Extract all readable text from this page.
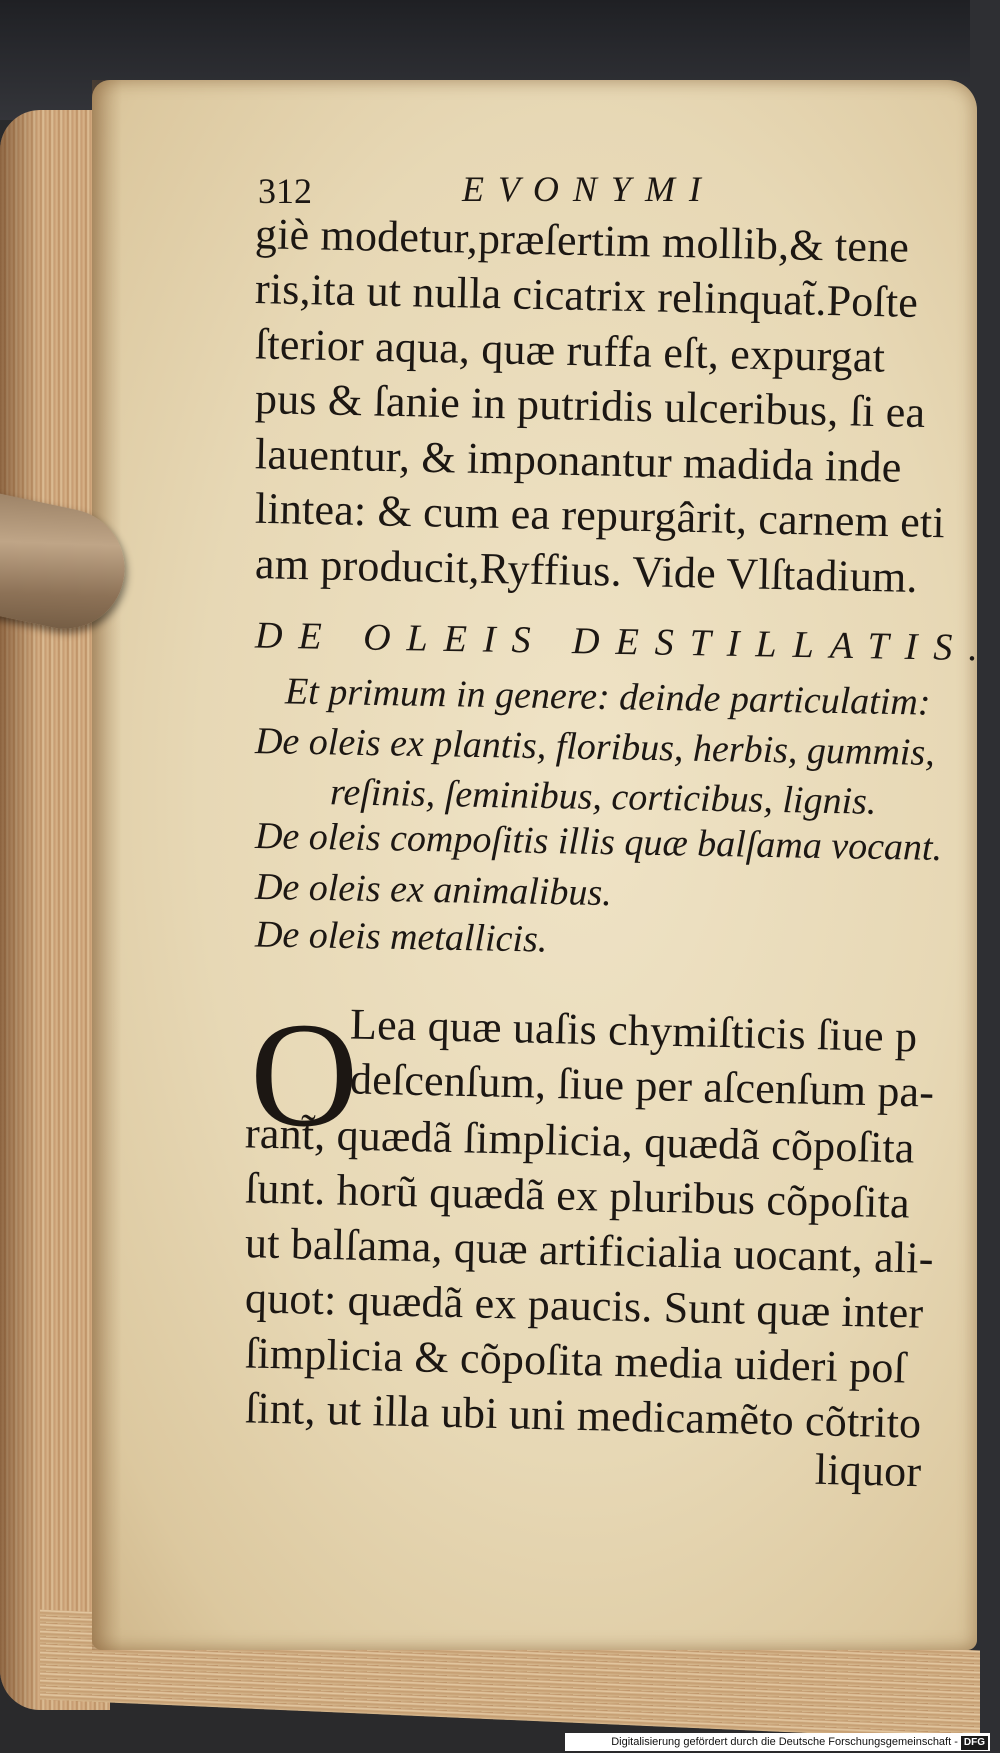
312	EVONYMI
giè modetur,præſertim mollib,& tene
ris,ita ut nulla cicatrix relinquat̃.Poſte
ſterior aqua, quæ ruffa eſt, expurgat
pus & ſanie in putridis ulceribus, ſi ea
lauentur, & imponantur madida inde
lintea: & cum ea repurgârit, carnem eti
am producit,Ryffius. Vide Vlſtadium.
DE OLEIS DESTILLATIS.
Et primum in genere: deinde particulatim:
De oleis ex plantis, floribus, herbis, gummis,
reſinis, ſeminibus, corticibus, lignis.
De oleis compoſitis illis quæ balſama vocant.
De oleis ex animalibus.
De oleis metallicis.
O
Lea quæ uaſis chymiſticis ſiue p
deſcenſum, ſiue per aſcenſum pa-
rant̃, quædã ſimplicia, quædã cõpoſita
ſunt. horũ quædã ex pluribus cõpoſita
ut balſama, quæ artificialia uocant, ali-
quot: quædã ex paucis. Sunt quæ inter
ſimplicia & cõpoſita media uideri poſ
ſint, ut illa ubi uni medicamẽto cõtrito
liquor
Digitalisierung gefördert durch die Deutsche Forschungsgemeinschaft - DFG
